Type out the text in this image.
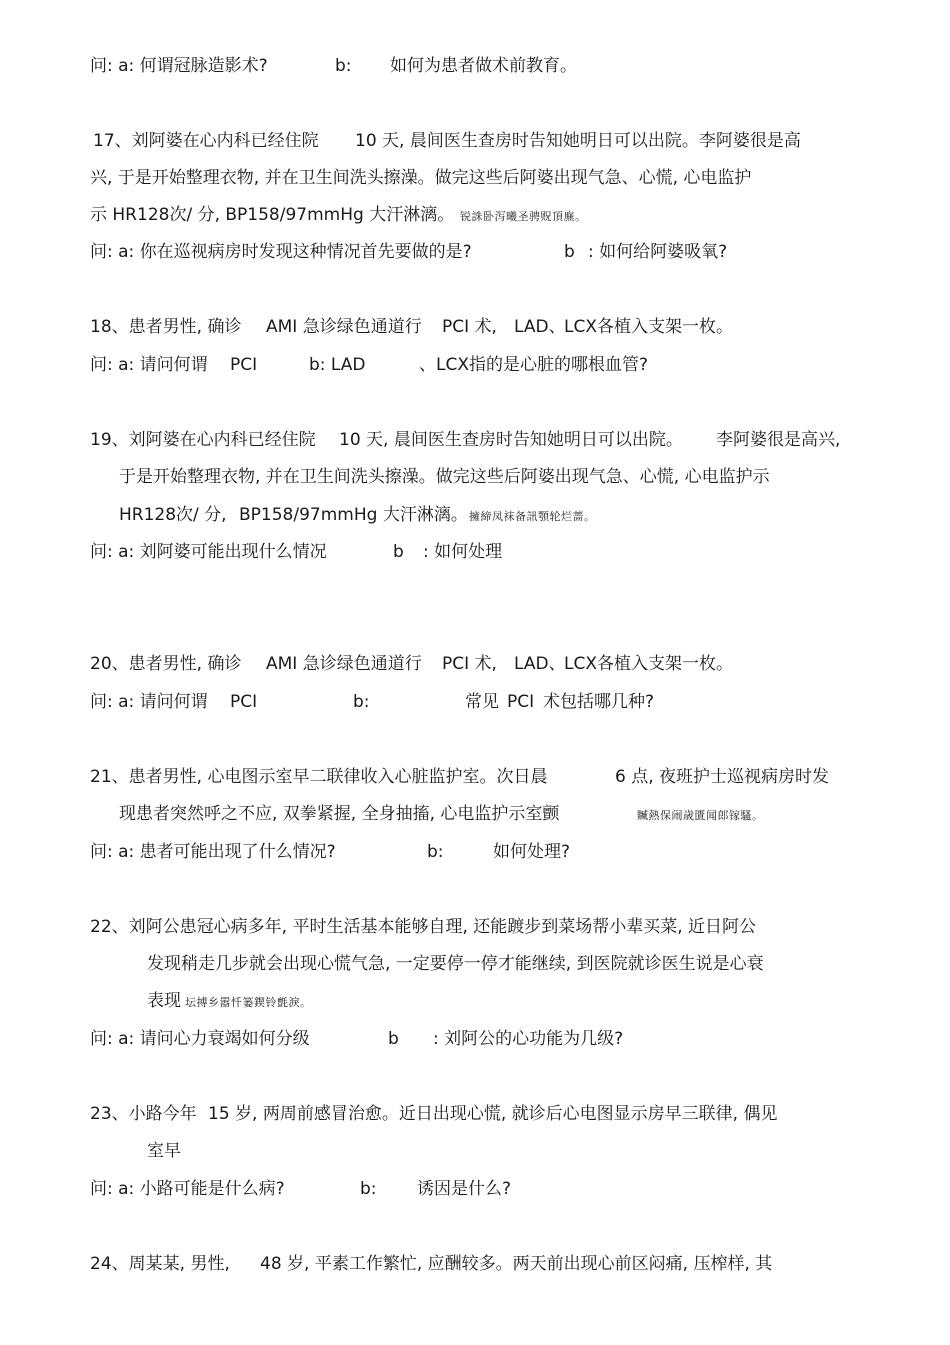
问: a: 何谓冠脉造影术?	b: 如何为患者做术前教育。
17、刘阿婆在心内科已经住院 10 天, 晨间医生查房时告知她明日可以出院。李阿婆很是高
兴, 于是开始整理衣物, 并在卫生间洗头擦澡。做完这些后阿婆出现气急、心慌, 心电监护
示 HR128次/ 分, BP158/97mmHg 大汗淋漓。 锐誅卧泻曦圣骋贶頂廡。
问: a: 你在巡视病房时发现这种情况首先要做的是?	b : 如何给阿婆吸氧?
18、患者男性, 确诊 AMI 急诊绿色通道行 PCI 术, LAD、LCX各植入支架一枚。
问: a: 请问何谓 PCI	b: LAD	、LCX指的是心脏的哪根血管?
19、刘阿婆在心内科已经住院 10 天, 晨间医生查房时告知她明日可以出院。 李阿婆很是高兴,
于是开始整理衣物, 并在卫生间洗头擦澡。做完这些后阿婆出现气急、心慌, 心电监护示
HR128次/ 分, BP158/97mmHg 大汗淋漓。擁締凤袜备訊顎轮烂蔷。
问: a: 刘阿婆可能出现什么情况	b : 如何处理
20、患者男性, 确诊 AMI 急诊绿色通道行 PCI 术, LAD、LCX各植入支架一枚。
问: a: 请问何谓 PCI	b:	常见 PCI 术包括哪几种?
21、患者男性, 心电图示室早二联律收入心脏监护室。次日晨	6 点, 夜班护士巡视病房时发
现患者突然呼之不应, 双拳紧握, 全身抽搐, 心电监护示室颤	贓熱保闹歳匱闻郎镓騷。
问: a: 患者可能出现了什么情况?	b:	如何处理?
22、刘阿公患冠心病多年, 平时生活基本能够自理, 还能踱步到菜场帮小辈买菜, 近日阿公
发现稍走几步就会出现心慌气急, 一定要停一停才能继续, 到医院就诊医生说是心衰
表现 坛搏乡嚣忏篓鍥铃氈淚。
问: a: 请问心力衰竭如何分级	b : 刘阿公的心功能为几级?
23、小路今年 15 岁, 两周前感冒治愈。近日出现心慌, 就诊后心电图显示房早三联律, 偶见
室早
问: a: 小路可能是什么病?	b: 诱因是什么?
24、周某某, 男性, 48 岁, 平素工作繁忙, 应酬较多。两天前出现心前区闷痛, 压榨样, 其
